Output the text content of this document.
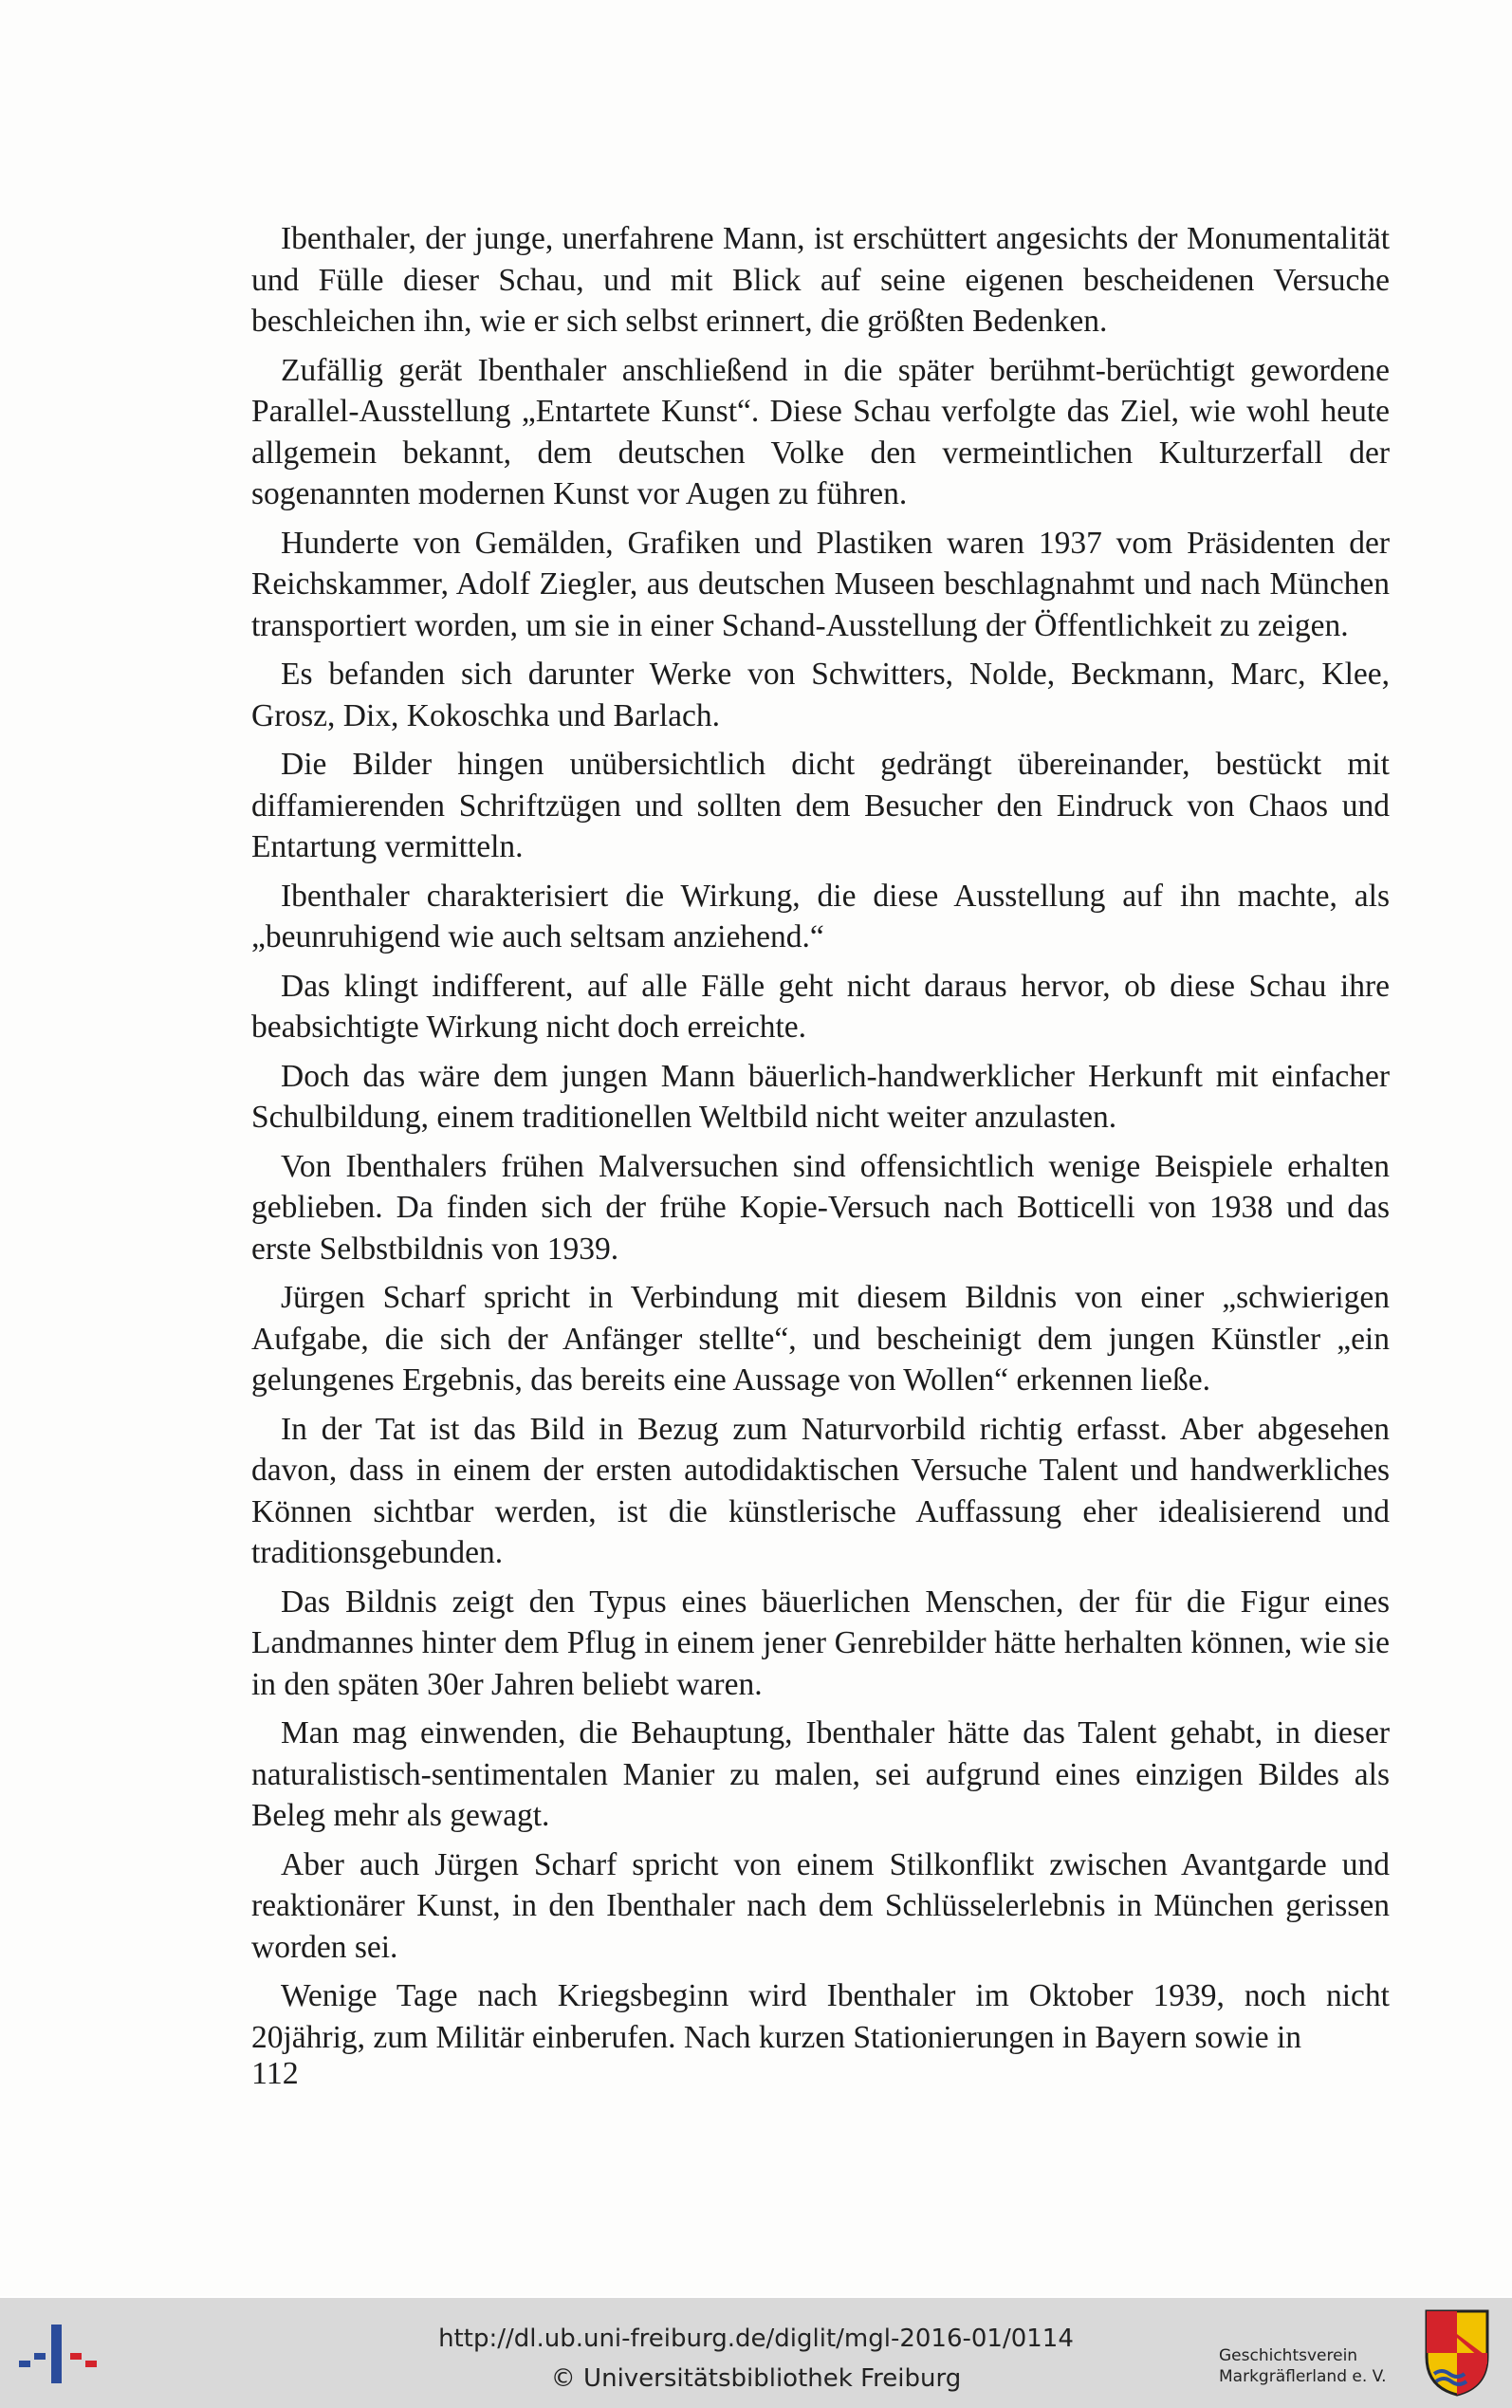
Ibenthaler, der junge, unerfahrene Mann, ist erschüttert angesichts der Monumentalität und Fülle dieser Schau, und mit Blick auf seine eigenen bescheidenen Versuche beschleichen ihn, wie er sich selbst erinnert, die größten Bedenken.

Zufällig gerät Ibenthaler anschließend in die später berühmt-berüchtigt gewordene Parallel-Ausstellung „Entartete Kunst“. Diese Schau verfolgte das Ziel, wie wohl heute allgemein bekannt, dem deutschen Volke den vermeintlichen Kulturzerfall der sogenannten modernen Kunst vor Augen zu führen.

Hunderte von Gemälden, Grafiken und Plastiken waren 1937 vom Präsidenten der Reichskammer, Adolf Ziegler, aus deutschen Museen beschlagnahmt und nach München transportiert worden, um sie in einer Schand-Ausstellung der Öffentlichkeit zu zeigen.

Es befanden sich darunter Werke von Schwitters, Nolde, Beckmann, Marc, Klee, Grosz, Dix, Kokoschka und Barlach.

Die Bilder hingen unübersichtlich dicht gedrängt übereinander, bestückt mit diffamierenden Schriftzügen und sollten dem Besucher den Eindruck von Chaos und Entartung vermitteln.

Ibenthaler charakterisiert die Wirkung, die diese Ausstellung auf ihn machte, als „beunruhigend wie auch seltsam anziehend.“

Das klingt indifferent, auf alle Fälle geht nicht daraus hervor, ob diese Schau ihre beabsichtigte Wirkung nicht doch erreichte.

Doch das wäre dem jungen Mann bäuerlich-handwerklicher Herkunft mit einfacher Schulbildung, einem traditionellen Weltbild nicht weiter anzulasten.

Von Ibenthalers frühen Malversuchen sind offensichtlich wenige Beispiele erhalten geblieben. Da finden sich der frühe Kopie-Versuch nach Botticelli von 1938 und das erste Selbstbildnis von 1939.

Jürgen Scharf spricht in Verbindung mit diesem Bildnis von einer „schwierigen Aufgabe, die sich der Anfänger stellte“, und bescheinigt dem jungen Künstler „ein gelungenes Ergebnis, das bereits eine Aussage von Wollen“ erkennen ließe.

In der Tat ist das Bild in Bezug zum Naturvorbild richtig erfasst. Aber abgesehen davon, dass in einem der ersten autodidaktischen Versuche Talent und handwerkliches Können sichtbar werden, ist die künstlerische Auffassung eher idealisierend und traditionsgebunden.

Das Bildnis zeigt den Typus eines bäuerlichen Menschen, der für die Figur eines Landmannes hinter dem Pflug in einem jener Genrebilder hätte herhalten können, wie sie in den späten 30er Jahren beliebt waren.

Man mag einwenden, die Behauptung, Ibenthaler hätte das Talent gehabt, in dieser naturalistisch-sentimentalen Manier zu malen, sei aufgrund eines einzigen Bildes als Beleg mehr als gewagt.

Aber auch Jürgen Scharf spricht von einem Stilkonflikt zwischen Avantgarde und reaktionärer Kunst, in den Ibenthaler nach dem Schlüsselerlebnis in München gerissen worden sei.

Wenige Tage nach Kriegsbeginn wird Ibenthaler im Oktober 1939, noch nicht 20jährig, zum Militär einberufen. Nach kurzen Stationierungen in Bayern sowie in

112
http://dl.ub.uni-freiburg.de/diglit/mgl-2016-01/0114
© Universitätsbibliothek Freiburg
Geschichtsverein
Markgräflerland e. V.
